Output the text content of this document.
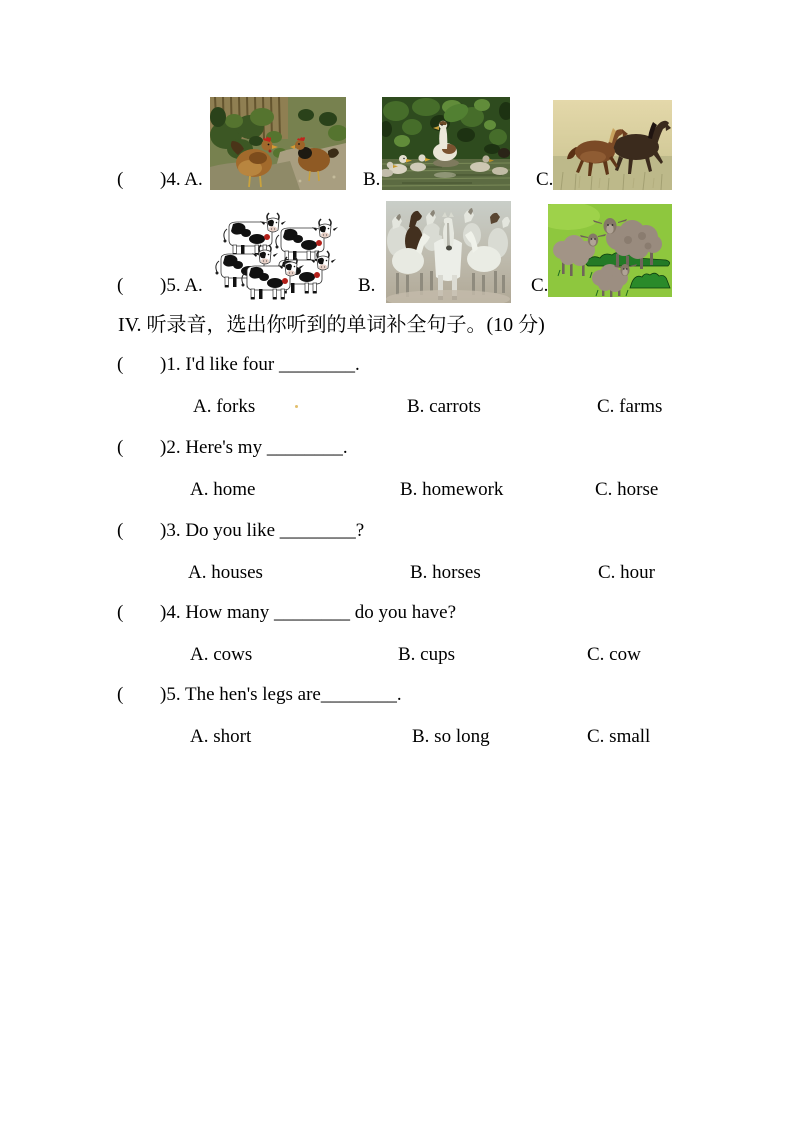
( )4. A.	B.	C.
( )5. A.	B.	C.
IV. 听录音，选出你听到的单词补全句子。(10 分)
( )1. I'd like four ________.
A. forks	B. carrots	C. farms
( )2. Here's my ________.
A. home	B. homework	C. horse
( )3. Do you like ________?
A. houses	B. horses	C. hour
( )4. How many ________ do you have?
A. cows	B. cups	C. cow
( )5. The hen's legs are________.
A. short	B. so long	C. small
